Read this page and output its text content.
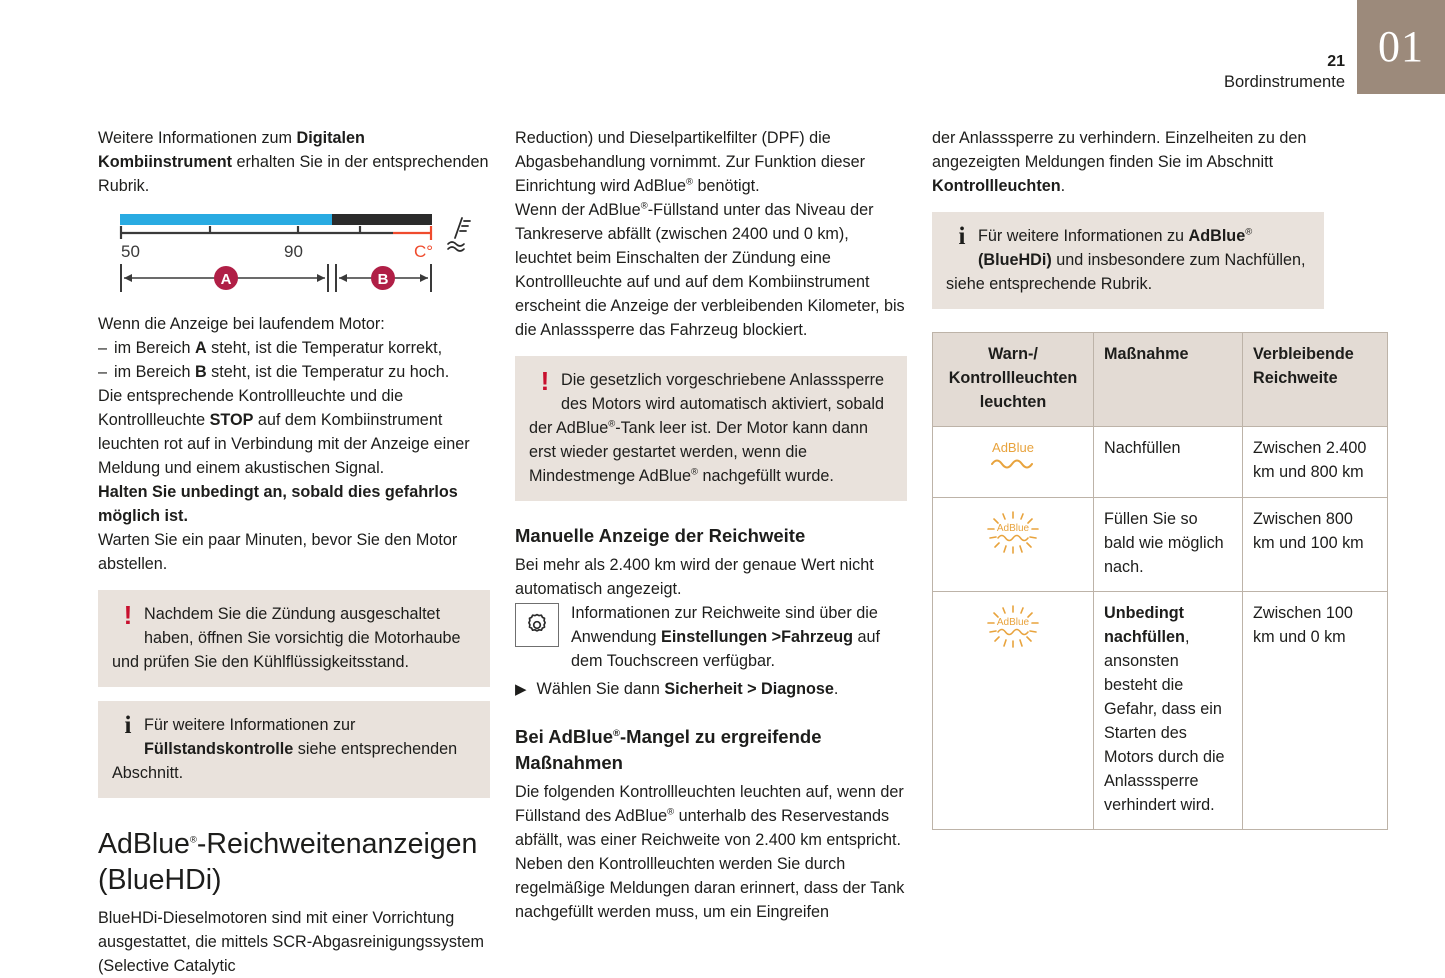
21
Bordinstrumente
01

Weitere Informationen zum Digitalen Kombiinstrument erhalten Sie in der entsprechenden Rubrik.

50	90	C°
A	B

Wenn die Anzeige bei laufendem Motor:

– im Bereich A steht, ist die Temperatur korrekt,

– im Bereich B steht, ist die Temperatur zu hoch.

Die entsprechende Kontrollleuchte und die Kontrollleuchte STOP auf dem Kombiinstrument leuchten rot auf in Verbindung mit der Anzeige einer Meldung und einem akustischen Signal.

Halten Sie unbedingt an, sobald dies gefahrlos möglich ist.

Warten Sie ein paar Minuten, bevor Sie den Motor abstellen.

! Nachdem Sie die Zündung ausgeschaltet haben, öffnen Sie vorsichtig die Motorhaube und prüfen Sie den Kühlflüssigkeitsstand.
i Für weitere Informationen zur Füllstandskontrolle siehe entsprechenden Abschnitt.
AdBlue®-Reichweitenanzeigen
(BlueHDi)

BlueHDi-Dieselmotoren sind mit einer Vorrichtung ausgestattet, die mittels SCR-Abgasreinigungssystem (Selective Catalytic

Reduction) und Dieselpartikelfilter (DPF) die Abgasbehandlung vornimmt. Zur Funktion dieser Einrichtung wird AdBlue® benötigt.

Wenn der AdBlue®-Füllstand unter das Niveau der Tankreserve abfällt (zwischen 2400 und 0 km), leuchtet beim Einschalten der Zündung eine Kontrollleuchte auf und auf dem Kombiinstrument erscheint die Anzeige der verbleibenden Kilometer, bis die Anlasssperre das Fahrzeug blockiert.

! Die gesetzlich vorgeschriebene Anlasssperre des Motors wird automatisch aktiviert, sobald der AdBlue®-Tank leer ist. Der Motor kann dann erst wieder gestartet werden, wenn die Mindestmenge AdBlue® nachgefüllt wurde.
Manuelle Anzeige der Reichweite

Bei mehr als 2.400 km wird der genaue Wert nicht automatisch angezeigt.

Informationen zur Reichweite sind über die Anwendung Einstellungen >Fahrzeug auf dem Touchscreen verfügbar.
▶ Wählen Sie dann Sicherheit > Diagnose.
Bei AdBlue®-Mangel zu ergreifende Maßnahmen

Die folgenden Kontrollleuchten leuchten auf, wenn der Füllstand des AdBlue® unterhalb des Reservestands abfällt, was einer Reichweite von 2.400 km entspricht.

Neben den Kontrollleuchten werden Sie durch regelmäßige Meldungen daran erinnert, dass der Tank nachgefüllt werden muss, um ein Eingreifen

der Anlasssperre zu verhindern. Einzelheiten zu den angezeigten Meldungen finden Sie im Abschnitt Kontrollleuchten.

i Für weitere Informationen zu AdBlue® (BlueHDi) und insbesondere zum Nachfüllen, siehe entsprechende Rubrik.
Warn-/ Kontrollleuchten leuchten	Maßnahme	Verbleibende Reichweite

AdBlue	Nachfüllen	Zwischen 2.400 km und 800 km

AdBlue	Füllen Sie so bald wie möglich nach.	Zwischen 800 km und 100 km

AdBlue	Unbedingt nachfüllen, ansonsten besteht die Gefahr, dass ein Starten des Motors durch die Anlasssperre verhindert wird.	Zwischen 100 km und 0 km
